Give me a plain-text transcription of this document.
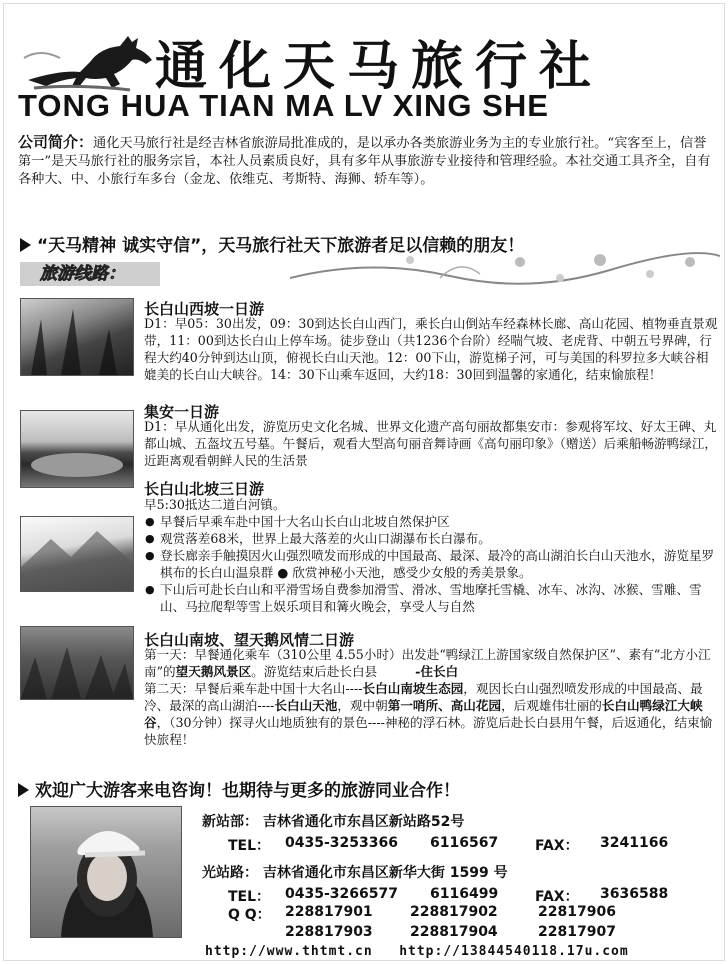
通化天马旅行社
TONG HUA TIAN MA LV XING SHE
公司简介：通化天马旅行社是经吉林省旅游局批准成的，是以承办各类旅游业务为主的专业旅行社。“宾客至上，信誉第一”是天马旅行社的服务宗旨，本社人员素质良好，具有多年从事旅游专业接待和管理经验。本社交通工具齐全，自有各种大、中、小旅行车多台（金龙、依维克、考斯特、海狮、轿车等）。
“天马精神 诚实守信”，天马旅行社天下旅游者足以信赖的朋友！
旅游线路：
长白山西坡一日游
D1：早05：30出发，09：30到达长白山西门，乘长白山倒站车经森林长廊、高山花园、植物垂直景观带，11：00到达长白山上停车场。徒步登山（共1236个台阶）经喘气坡、老虎背、中朝五号界碑，行程大约40分钟到达山顶，俯视长白山天池。12：00下山，游览梯子河，可与美国的科罗拉多大峡谷相媲美的长白山大峡谷。14：30下山乘车返回，大约18：30回到温馨的家通化，结束愉旅程！
集安一日游
D1：早从通化出发，游览历史文化名城、世界文化遗产高句丽故都集安市：参观将军坟、好太王碑、丸都山城、五盔坟五号墓。午餐后，观看大型高句丽音舞诗画《高句丽印象》（赠送）后乘船畅游鸭绿江，近距离观看朝鲜人民的生活景
长白山北坡三日游
早5:30抵达二道白河镇。
● 早餐后早乘车赴中国十大名山长白山北坡自然保护区
● 观赏落差68米，世界上最大落差的火山口湖瀑布长白瀑布。
● 登长廊亲手触摸因火山强烈喷发而形成的中国最高、最深、最冷的高山湖泊长白山天池水，游览星罗棋布的长白山温泉群 ● 欣赏神秘小天池，感受少女般的秀美景象。
● 下山后可赴长白山和平滑雪场自费参加滑雪、滑冰、雪地摩托雪橇、冰车、冰沟、冰猴、雪雕、雪山、马拉爬犁等雪上娱乐项目和篝火晚会，享受人与自然
长白山南坡、望天鹅风情二日游
第一天：早餐通化乘车（310公里 4.55小时）出发赴“鸭绿江上游国家级自然保护区”、素有“北方小江南”的望天鹅风景区。游览结束后赴长白县	-住长白
第二天：早餐后乘车赴中国十大名山----长白山南坡生态园，观因长白山强烈喷发形成的中国最高、最冷、最深的高山湖泊----长白山天池，观中朝第一哨所、高山花园，后观雄伟壮丽的长白山鸭绿江大峡谷，（30分钟）探寻火山地质独有的景色----神秘的浮石林。游览后赴长白县用午餐，后返通化，结束愉快旅程！
欢迎广大游客来电咨询！也期待与更多的旅游同业合作！
新站部： 吉林省通化市东昌区新站路52号
TEL： 0435-3253366 6116567	FAX： 3241166
光站路： 吉林省通化市东昌区新华大街 1599 号
TEL： 0435-3266577 6116499	FAX： 3636588
Q Q： 228817901	228817902	22817906
http://www.thtmt.cn http://13844540118.17u.com
228817903	228817904	22817907
